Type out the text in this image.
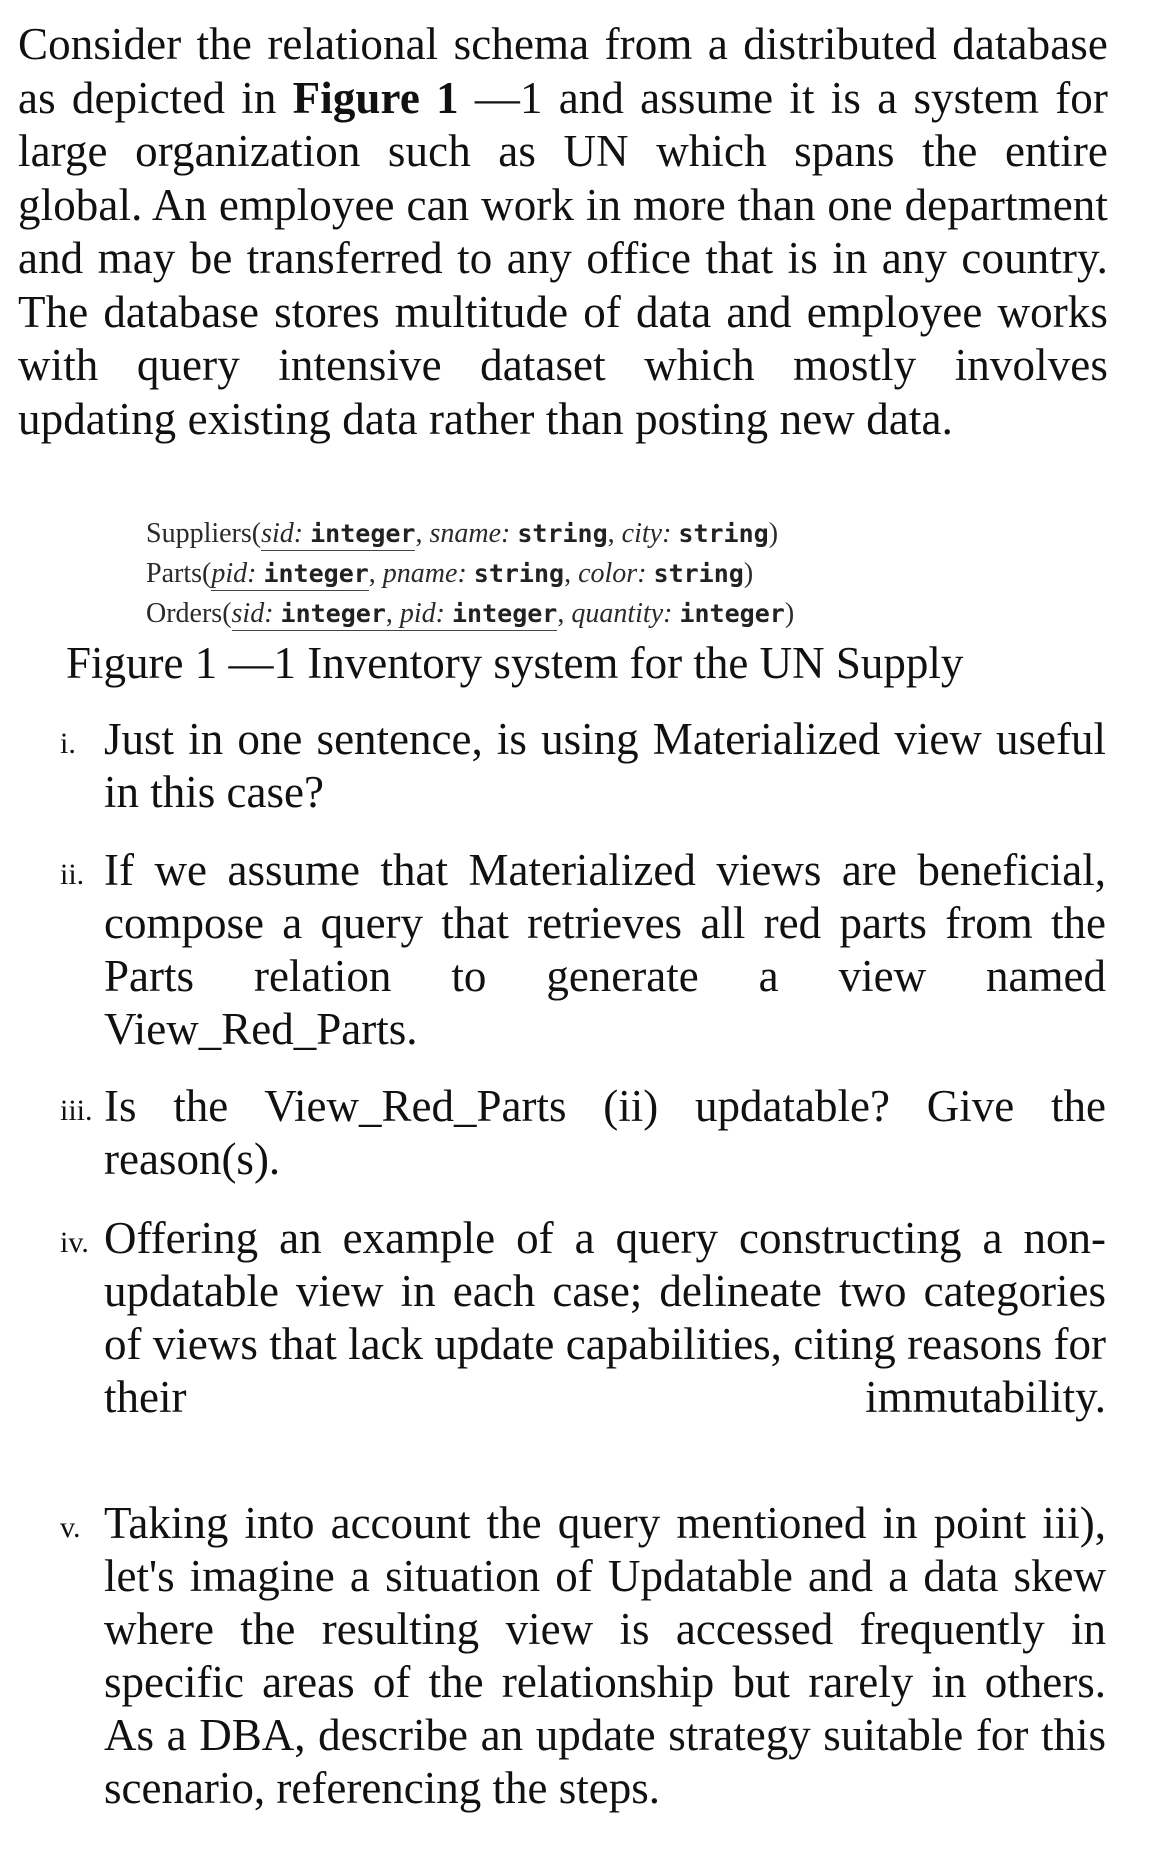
Consider the relational schema from a distributed database as depicted in Figure 1 —1 and assume it is a system for large organization such as UN which spans the entire global. An employee can work in more than one department and may be transferred to any office that is in any country. The database stores multitude of data and employee works with query intensive dataset which mostly involves updating existing data rather than posting new data.

Suppliers(sid: integer, sname: string, city: string)
Parts(pid: integer, pname: string, color: string)
Orders(sid: integer, pid: integer, quantity: integer)
Figure 1 —1 Inventory system for the UN Supply
i. Just in one sentence, is using Materialized view useful in this case?
ii. If we assume that Materialized views are beneficial, compose a query that retrieves all red parts from the Parts relation to generate a view named View_Red_Parts.
iii. Is the View_Red_Parts (ii) updatable? Give the reason(s).
iv. Offering an example of a query constructing a non-updatable view in each case; delineate two categories of views that lack update capabilities, citing reasons for their immutability.
v. Taking into account the query mentioned in point iii), let's imagine a situation of Updatable and a data skew where the resulting view is accessed frequently in specific areas of the relationship but rarely in others. As a DBA, describe an update strategy suitable for this scenario, referencing the steps.
